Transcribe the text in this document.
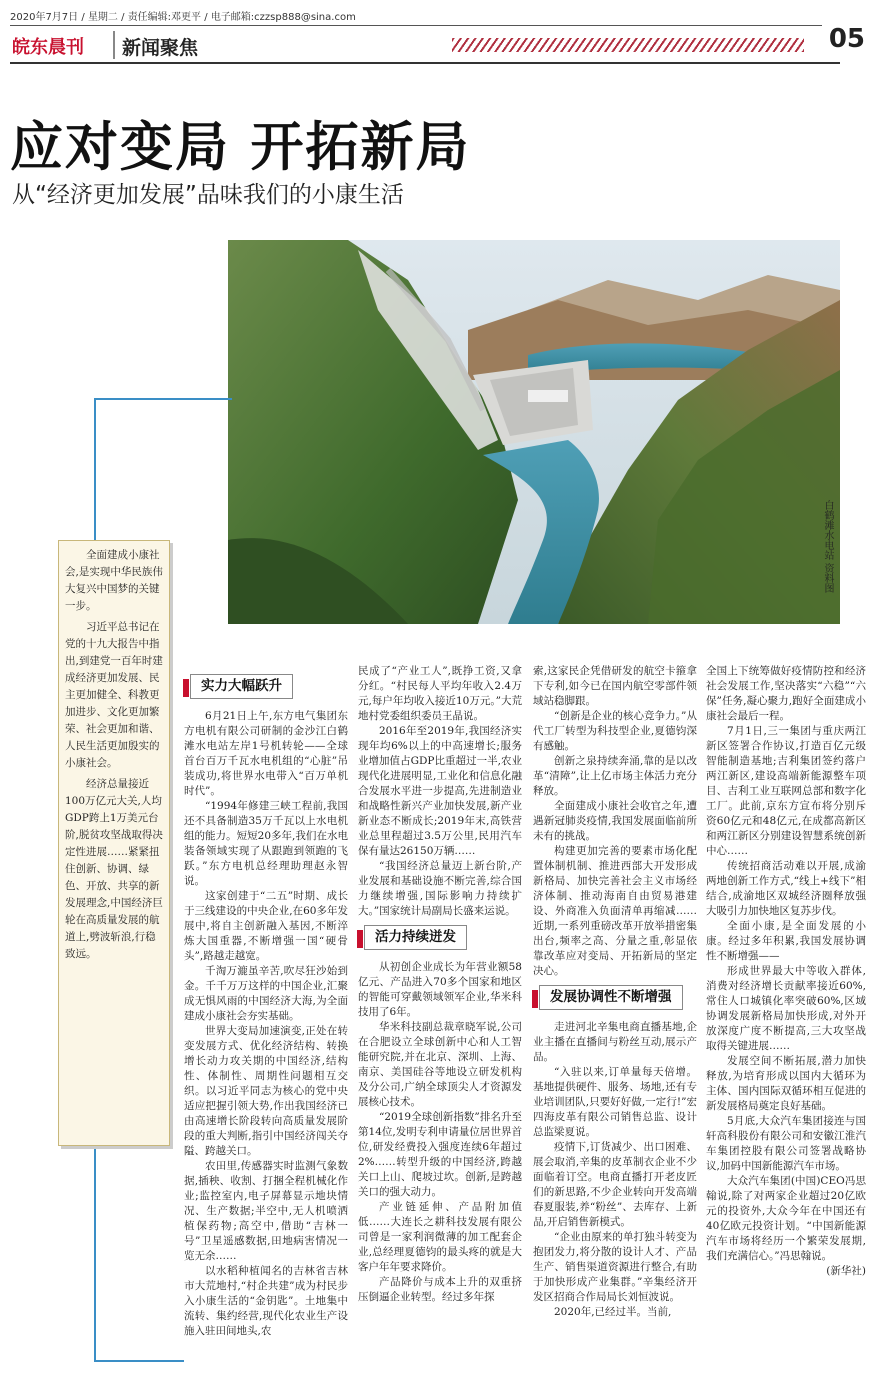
2020年7月7日 / 星期二 / 责任编辑:邓更平 / 电子邮箱:czzsp888@sina.com
皖东晨刊 新闻聚焦	05
应对变局 开拓新局
从“经济更加发展”品味我们的小康生活
白鹤滩水电站 资料图

全面建成小康社会,是实现中华民族伟大复兴中国梦的关键一步。

习近平总书记在党的十九大报告中指出,到建党一百年时建成经济更加发展、民主更加健全、科教更加进步、文化更加繁荣、社会更加和谐、人民生活更加殷实的小康社会。

经济总量接近100万亿元大关,人均GDP跨上1万美元台阶,脱贫攻坚战取得决定性进展……紧紧扭住创新、协调、绿色、开放、共享的新发展理念,中国经济巨轮在高质量发展的航道上,劈波斩浪,行稳致远。

实力大幅跃升

6月21日上午,东方电气集团东方电机有限公司研制的金沙江白鹤滩水电站左岸1号机转轮——全球首台百万千瓦水电机组的“心脏”吊装成功,将世界水电带入“百万单机时代”。

“1994年修建三峡工程前,我国还不具备制造35万千瓦以上水电机组的能力。短短20多年,我们在水电装备领域实现了从跟跑到领跑的飞跃。”东方电机总经理助理赵永智说。

这家创建于“二五”时期、成长于三线建设的中央企业,在60多年发展中,将自主创新融入基因,不断淬炼大国重器,不断增强一国“硬骨头”,路越走越宽。

千淘万漉虽辛苦,吹尽狂沙始到金。千千万万这样的中国企业,汇聚成无惧风雨的中国经济大海,为全面建成小康社会夯实基础。

世界大变局加速演变,正处在转变发展方式、优化经济结构、转换增长动力攻关期的中国经济,结构性、体制性、周期性问题相互交织。以习近平同志为核心的党中央适应把握引领大势,作出我国经济已由高速增长阶段转向高质量发展阶段的重大判断,指引中国经济闯关夺隘、跨越关口。

农田里,传感器实时监测气象数据,插秧、收割、打捆全程机械化作业;监控室内,电子屏幕显示地块情况、生产数据;半空中,无人机喷洒植保药物;高空中,借助“吉林一号”卫星遥感数据,田地病害情况一览无余……

以水稻种植闻名的吉林省吉林市大荒地村,“村企共建”成为村民步入小康生活的“金钥匙”。土地集中流转、集约经营,现代化农业生产设施入驻田间地头,农

民成了“产业工人”,既挣工资,又拿分红。“村民每人平均年收入2.4万元,每户年均收入接近10万元。”大荒地村党委组织委员王晶说。

2016年至2019年,我国经济实现年均6%以上的中高速增长;服务业增加值占GDP比重超过一半,农业现代化进展明显,工业化和信息化融合发展水平进一步提高,先进制造业和战略性新兴产业加快发展,新产业新业态不断成长;2019年末,高铁营业总里程超过3.5万公里,民用汽车保有量达26150万辆……

“我国经济总量迈上新台阶,产业发展和基础设施不断完善,综合国力继续增强,国际影响力持续扩大。”国家统计局副局长盛来运说。

活力持续迸发

从初创企业成长为年营业额58亿元、产品进入70多个国家和地区的智能可穿戴领域领军企业,华米科技用了6年。

华米科技副总裁章晓军说,公司在合肥设立全球创新中心和人工智能研究院,并在北京、深圳、上海、南京、美国硅谷等地设立研发机构及分公司,广纳全球顶尖人才资源发展核心技术。

“2019全球创新指数”排名升至第14位,发明专利申请量位居世界首位,研发经费投入强度连续6年超过2%……转型升级的中国经济,跨越关口上山、爬坡过坎。创新,是跨越关口的强大动力。

产业链延伸、产品附加值低……大连长之耕科技发展有限公司曾是一家利润微薄的加工配套企业,总经理夏德钧的最头疼的就是大客户年年要求降价。

产品降价与成本上升的双重挤压倒逼企业转型。经过多年探

索,这家民企凭借研发的航空卡箍拿下专利,如今已在国内航空零部件领域站稳脚跟。

“创新是企业的核心竞争力。”从代工厂转型为科技型企业,夏德钧深有感触。

创新之泉持续奔涌,靠的是以改革“清障”,让上亿市场主体活力充分释放。

全面建成小康社会收官之年,遭遇新冠肺炎疫情,我国发展面临前所未有的挑战。

构建更加完善的要素市场化配置体制机制、推进西部大开发形成新格局、加快完善社会主义市场经济体制、推动海南自由贸易港建设、外商准入负面清单再缩减……近期,一系列重磅改革开放举措密集出台,频率之高、分量之重,彰显依靠改革应对变局、开拓新局的坚定决心。

发展协调性不断增强

走进河北辛集电商直播基地,企业主播在直播间与粉丝互动,展示产品。

“入驻以来,订单量每天倍增。基地提供硬件、服务、场地,还有专业培训团队,只要好好做,一定行!”宏四海皮革有限公司销售总监、设计总监梁夏说。

疫情下,订货减少、出口困难、展会取消,辛集的皮革制衣企业不少面临着订空。电商直播打开老皮匠们的新思路,不少企业转向开发高端春夏服装,养“粉丝”、去库存、上新品,开启销售新模式。

“企业由原来的单打独斗转变为抱团发力,将分散的设计人才、产品生产、销售渠道资源进行整合,有助于加快形成产业集群。”辛集经济开发区招商合作局局长刘恒波说。

2020年,已经过半。当前,

全国上下统筹做好疫情防控和经济社会发展工作,坚决落实“六稳”“六保”任务,凝心聚力,跑好全面建成小康社会最后一程。

7月1日,三一集团与重庆两江新区签署合作协议,打造百亿元级智能制造基地;吉利集团签约落户两江新区,建设高端新能源整车项目、吉利工业互联网总部和数字化工厂。此前,京东方宣布将分别斥资60亿元和48亿元,在成都高新区和两江新区分别建设智慧系统创新中心……

传统招商活动难以开展,成渝两地创新工作方式,“线上+线下”相结合,成渝地区双城经济圈释放强大吸引力加快地区复苏步伐。

全面小康,是全面发展的小康。经过多年积累,我国发展协调性不断增强——

形成世界最大中等收入群体,消费对经济增长贡献率接近60%,常住人口城镇化率突破60%,区域协调发展新格局加快形成,对外开放深度广度不断提高,三大攻坚战取得关键进展……

发展空间不断拓展,潜力加快释放,为培育形成以国内大循环为主体、国内国际双循环相互促进的新发展格局奠定良好基础。

5月底,大众汽车集团接连与国轩高科股份有限公司和安徽江淮汽车集团控股有限公司签署战略协议,加码中国新能源汽车市场。

大众汽车集团(中国)CEO冯思翰说,除了对两家企业超过20亿欧元的投资外,大众今年在中国还有40亿欧元投资计划。“中国新能源汽车市场将经历一个繁荣发展期,我们充满信心。”冯思翰说。

(新华社)
